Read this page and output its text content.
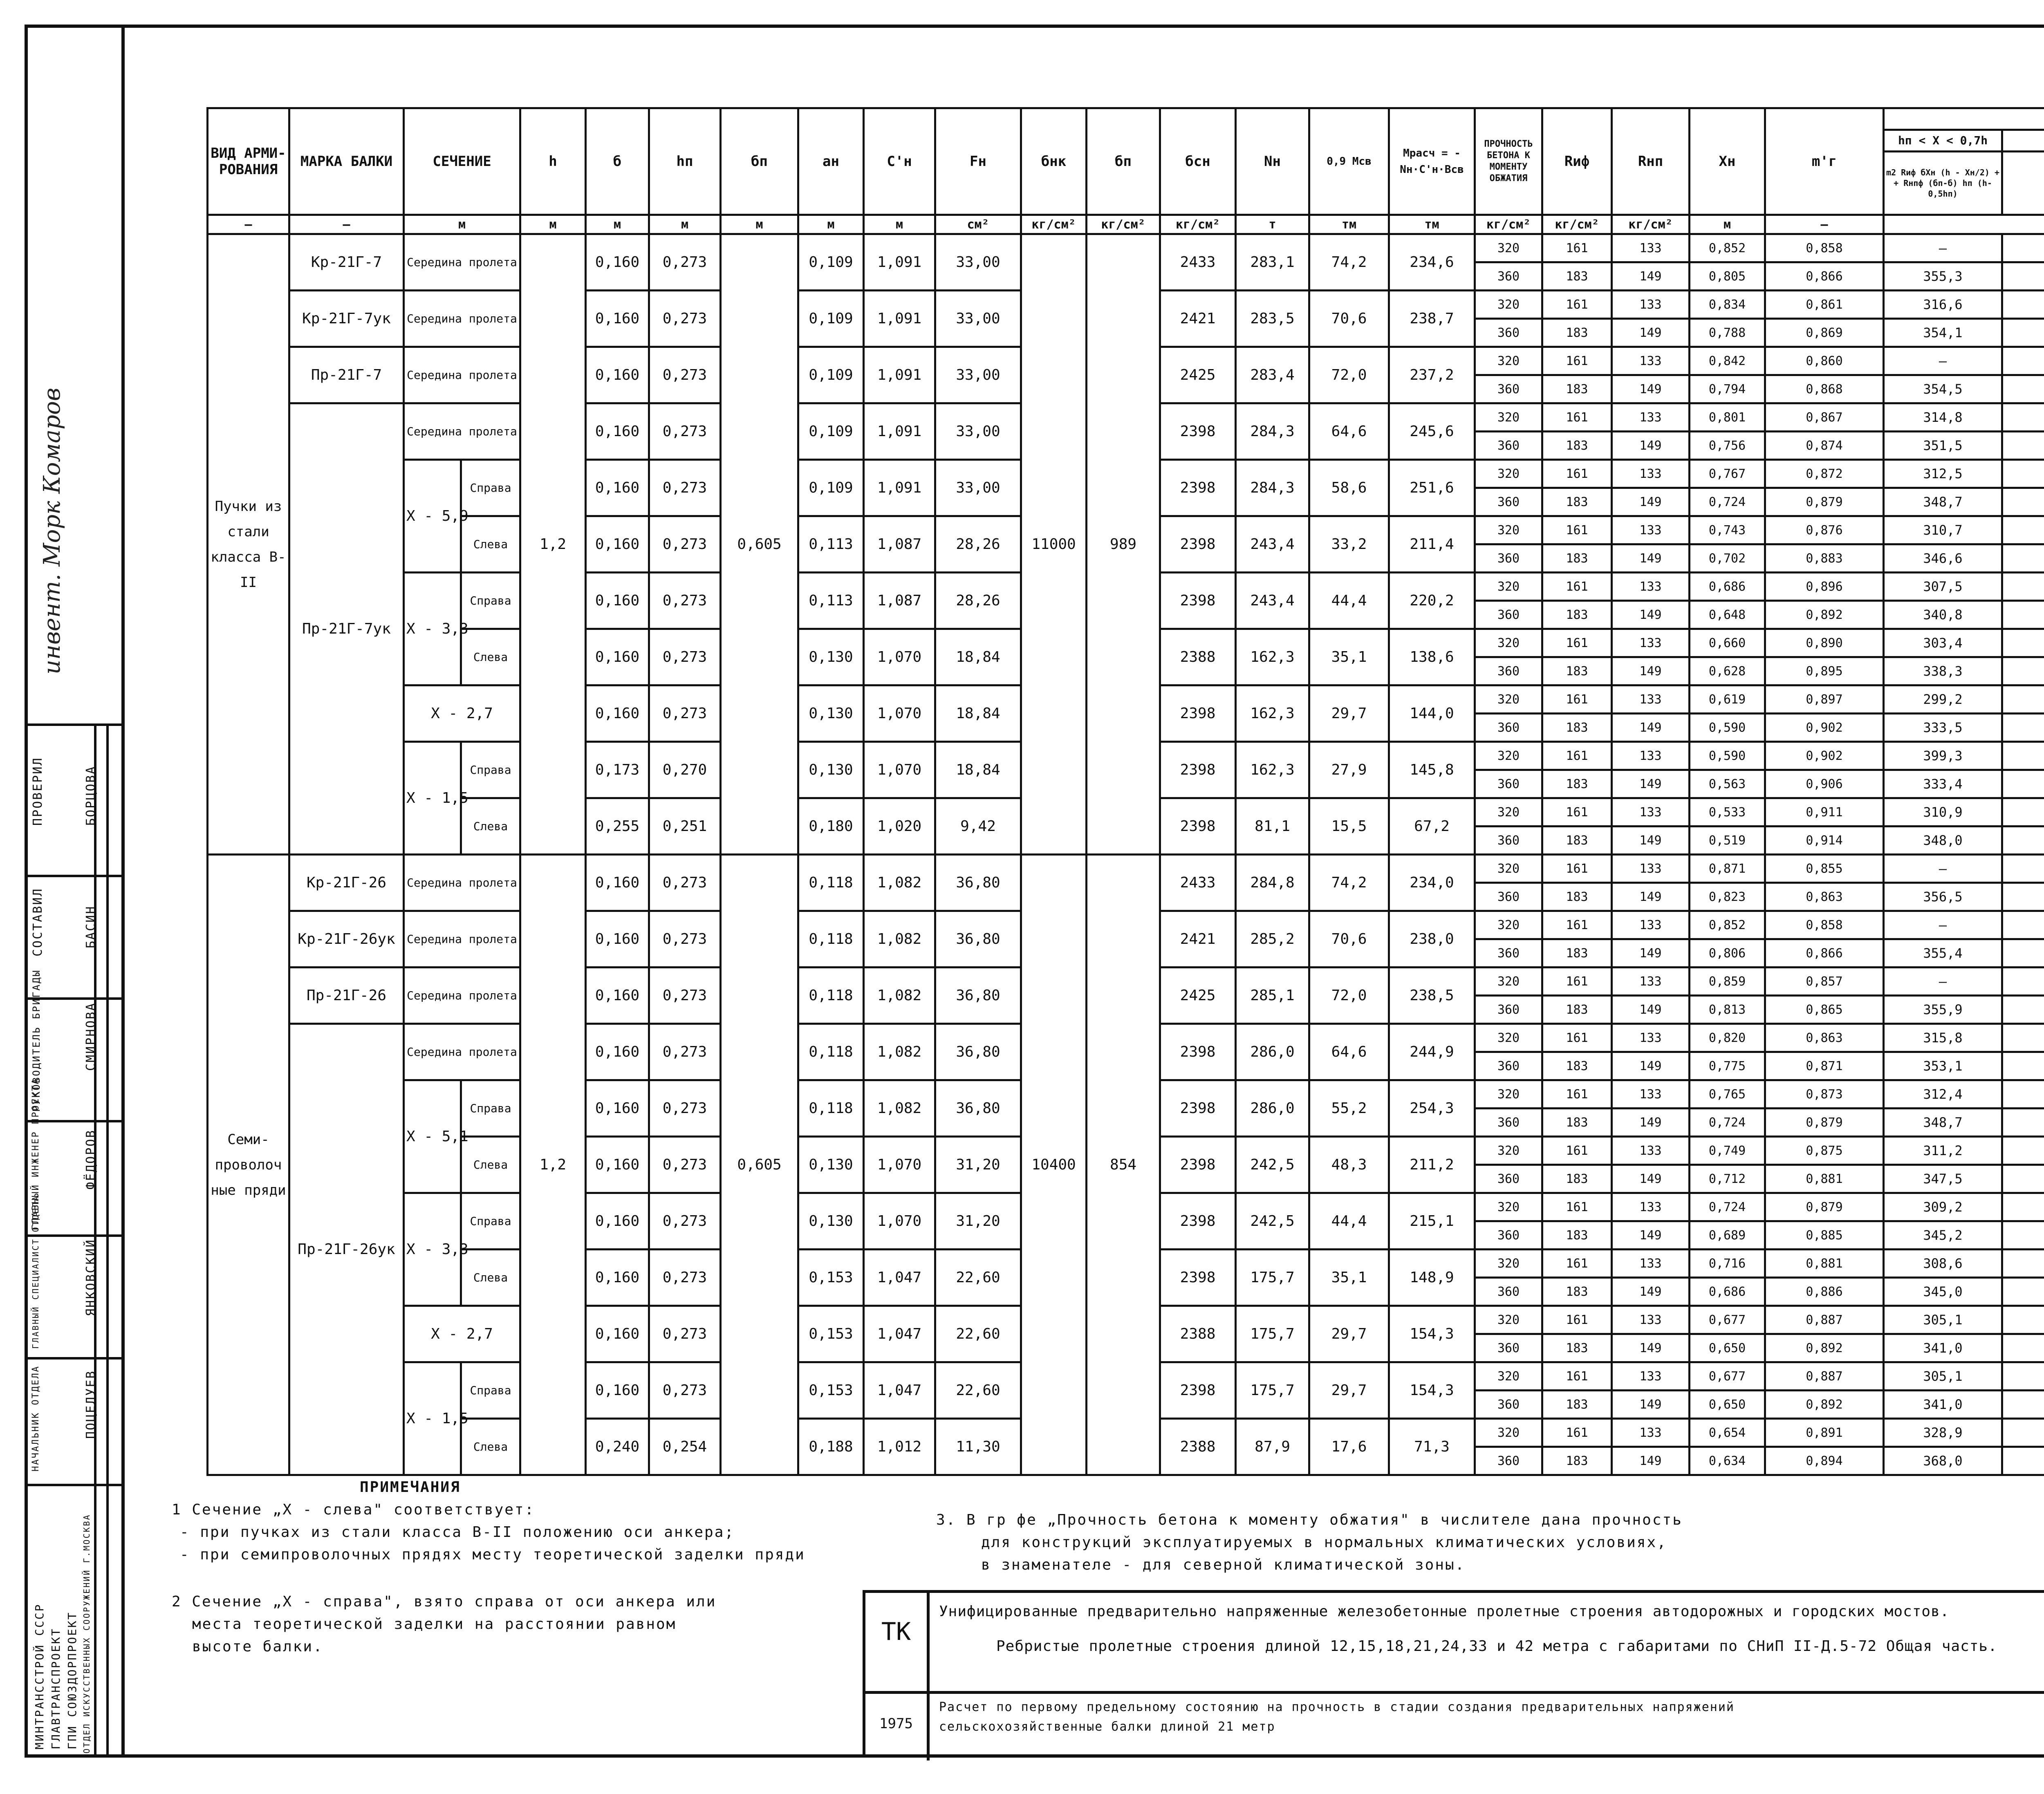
инвент. Морк Комаров
ПРОВЕРИЛ	БОРЦОВА
СОСТАВИЛ	БАСИН
РУКОВОДИТЕЛЬ БРИГАДЫ	СМИРНОВА
ГЛАВНЫЙ ИНЖЕНЕР ПРОЕКТА	ФЁДОРОВ
ГЛАВНЫЙ СПЕЦИАЛИСТ ОТДЕЛА	ЯНКОВСКИЙ
НАЧАЛЬНИК ОТДЕЛА	ПОЦЕЛУЕВ
МИНТРАНССТРОЙ СССР ГЛАВТРАНСПРОЕКТ ГПИ СОЮЗДОРПРОЕКТ ОТДЕЛ ИСКУССТВЕННЫХ СООРУЖЕНИЙ Г.МОСКВА
ВИД АРМИ- РОВАНИЯ	МАРКА БАЛКИ	СЕЧЕНИЕ		h	б	hп	бп	aн	C'н	Fн	бнк	бп	бсн	Nн	0,9 Mсв	Mрасч = -Nн·C'н·Bсв	ПРОЧНОСТЬ БЕТОНА К МОМЕНТУ ОБЖАТИЯ	Rиф	Rнп	Xн	m'г	
																						hп < X < 0,7h	
																						m2 Rиф бXн (h - Xн/2) + + Rнпф (бп-б) hп (h-0,5hп)	
—	—	м		м	м	м	м	м	м	см²	кг/см²	кг/см²	кг/см²	т	тм	тм	кг/см²	кг/см²	кг/см²	м	—	
Пучки из стали класса В-II	Кр-21Г-7	Середина пролета		1,2	0,160	0,273	0,605	0,109	1,091	33,00	11000	989	2433	283,1	74,2	234,6	320	161	133	0,852	0,858	—	
																	360	183	149	0,805	0,866	355,3	
	Кр-21Г-7ук	Середина пролета			0,160	0,273		0,109	1,091	33,00			2421	283,5	70,6	238,7	320	161	133	0,834	0,861	316,6	
																	360	183	149	0,788	0,869	354,1	
	Пр-21Г-7	Середина пролета			0,160	0,273		0,109	1,091	33,00			2425	283,4	72,0	237,2	320	161	133	0,842	0,860	—	
																	360	183	149	0,794	0,868	354,5	
	Пр-21Г-7ук	Середина пролета			0,160	0,273		0,109	1,091	33,00			2398	284,3	64,6	245,6	320	161	133	0,801	0,867	314,8	
																	360	183	149	0,756	0,874	351,5	
		X - 5,9	Справа		0,160	0,273		0,109	1,091	33,00			2398	284,3	58,6	251,6	320	161	133	0,767	0,872	312,5	
																	360	183	149	0,724	0,879	348,7	
			Слева		0,160	0,273		0,113	1,087	28,26			2398	243,4	33,2	211,4	320	161	133	0,743	0,876	310,7	
																	360	183	149	0,702	0,883	346,6	
		X - 3,3	Справа		0,160	0,273		0,113	1,087	28,26			2398	243,4	44,4	220,2	320	161	133	0,686	0,896	307,5	
																	360	183	149	0,648	0,892	340,8	
			Слева		0,160	0,273		0,130	1,070	18,84			2388	162,3	35,1	138,6	320	161	133	0,660	0,890	303,4	
																	360	183	149	0,628	0,895	338,3	
		X - 2,7			0,160	0,273		0,130	1,070	18,84			2398	162,3	29,7	144,0	320	161	133	0,619	0,897	299,2	
																	360	183	149	0,590	0,902	333,5	
		X - 1,5	Справа		0,173	0,270		0,130	1,070	18,84			2398	162,3	27,9	145,8	320	161	133	0,590	0,902	399,3	
																	360	183	149	0,563	0,906	333,4	
			Слева		0,255	0,251		0,180	1,020	9,42			2398	81,1	15,5	67,2	320	161	133	0,533	0,911	310,9	
																	360	183	149	0,519	0,914	348,0	
Семи- проволоч ные пряди	Кр-21Г-26	Середина пролета		1,2	0,160	0,273	0,605	0,118	1,082	36,80	10400	854	2433	284,8	74,2	234,0	320	161	133	0,871	0,855	—	
																	360	183	149	0,823	0,863	356,5	
	Кр-21Г-26ук	Середина пролета			0,160	0,273		0,118	1,082	36,80			2421	285,2	70,6	238,0	320	161	133	0,852	0,858	—	
																	360	183	149	0,806	0,866	355,4	
	Пр-21Г-26	Середина пролета			0,160	0,273		0,118	1,082	36,80			2425	285,1	72,0	238,5	320	161	133	0,859	0,857	—	
																	360	183	149	0,813	0,865	355,9	
	Пр-21Г-26ук	Середина пролета			0,160	0,273		0,118	1,082	36,80			2398	286,0	64,6	244,9	320	161	133	0,820	0,863	315,8	
																	360	183	149	0,775	0,871	353,1	
		X - 5,1	Справа		0,160	0,273		0,118	1,082	36,80			2398	286,0	55,2	254,3	320	161	133	0,765	0,873	312,4	
																	360	183	149	0,724	0,879	348,7	
			Слева		0,160	0,273		0,130	1,070	31,20			2398	242,5	48,3	211,2	320	161	133	0,749	0,875	311,2	
																	360	183	149	0,712	0,881	347,5	
		X - 3,3	Справа		0,160	0,273		0,130	1,070	31,20			2398	242,5	44,4	215,1	320	161	133	0,724	0,879	309,2	
																	360	183	149	0,689	0,885	345,2	
			Слева		0,160	0,273		0,153	1,047	22,60			2398	175,7	35,1	148,9	320	161	133	0,716	0,881	308,6	
																	360	183	149	0,686	0,886	345,0	
		X - 2,7			0,160	0,273		0,153	1,047	22,60			2388	175,7	29,7	154,3	320	161	133	0,677	0,887	305,1	
																	360	183	149	0,650	0,892	341,0	
		X - 1,5	Справа		0,160	0,273		0,153	1,047	22,60			2398	175,7	29,7	154,3	320	161	133	0,677	0,887	305,1	
																	360	183	149	0,650	0,892	341,0	
			Слева		0,240	0,254		0,188	1,012	11,30			2388	87,9	17,6	71,3	320	161	133	0,654	0,891	328,9	
																	360	183	149	0,634	0,894	368,0	
ПРИМЕЧАНИЯ
1 Сечение „X - слева" соответствует:
- при пучках из стали класса В-II положению оси анкера;
- при семипроволочных прядях месту теоретической заделки пряди
2 Сечение „X - справа", взято справа от оси анкера или
места теоретической заделки на расстоянии равном
высоте балки.
3. В гр фе „Прочность бетона к моменту обжатия" в числителе дана прочность
для конструкций эксплуатируемых в нормальных климатических условиях,
в знаменателе - для северной климатической зоны.
ТК
1975
Унифицированные предварительно напряженные железобетонные пролетные строения автодорожных и городских мостов.
Ребристые пролетные строения длиной 12,15,18,21,24,33 и 42 метра с габаритами по СНиП II-Д.5-72 Общая часть.
Расчет по первому предельному состоянию на прочность в стадии создания предварительных напряжений
сельскохозяйственные балки длиной 21 метр
